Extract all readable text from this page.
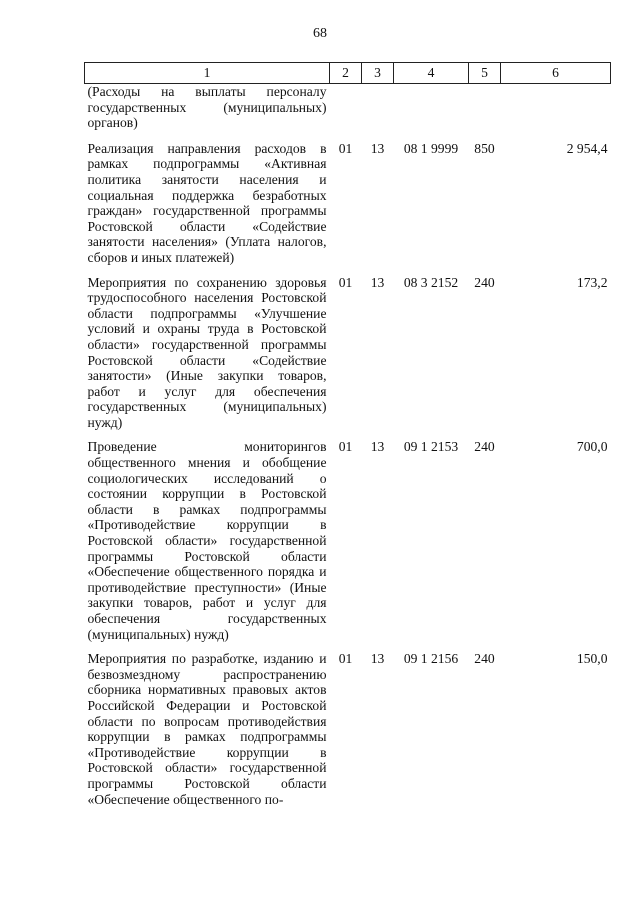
68
1	2	3	4	5	6
(Расходы на выплаты персоналу государственных (муниципальных) органов)					
Реализация направления расходов в рамках подпрограммы «Активная политика занятости населения и социальная поддержка безработных граждан» государственной программы Ростовской области «Содействие занятости населения» (Уплата налогов, сборов и иных платежей)	01	13	08 1 9999	850	2 954,4
Мероприятия по сохранению здоровья трудоспособного населения Ростовской области подпрограммы «Улучшение условий и охраны труда в Ростовской области» государственной программы Ростовской области «Содействие занятости» (Иные закупки товаров, работ и услуг для обеспечения государственных (муниципальных) нужд)	01	13	08 3 2152	240	173,2
Проведение мониторингов общественного мнения и обобщение социологических исследований о состоянии коррупции в Ростовской области в рамках подпрограммы «Противодействие коррупции в Ростовской области» государственной программы Ростовской области «Обеспечение общественного порядка и противодействие преступности» (Иные закупки товаров, работ и услуг для обеспечения государственных (муниципальных) нужд)	01	13	09 1 2153	240	700,0
Мероприятия по разработке, изданию и безвозмездному распространению сборника нормативных правовых актов Российской Федерации и Ростовской области по вопросам противодействия коррупции в рамках подпрограммы «Противодействие коррупции в Ростовской области» государственной программы Ростовской области «Обеспечение общественного по-	01	13	09 1 2156	240	150,0
